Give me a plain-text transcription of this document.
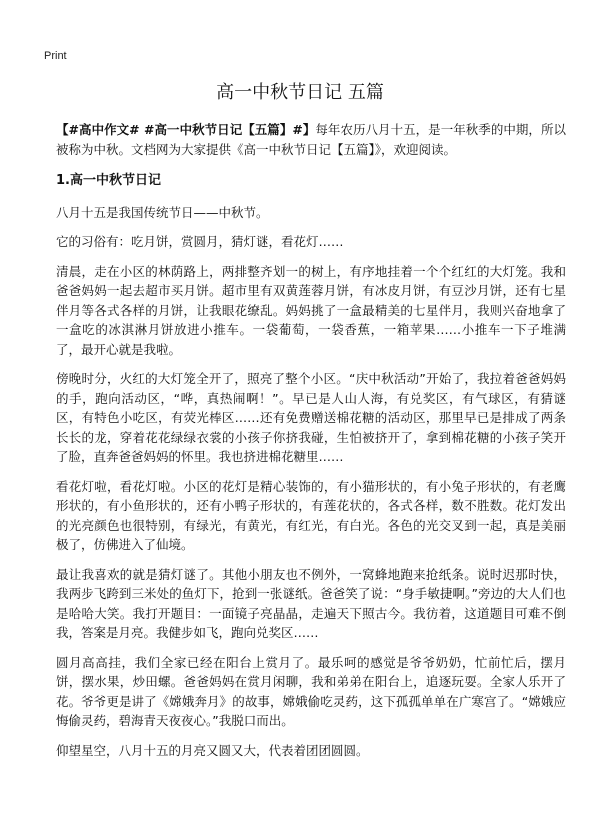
Print
高一中秋节日记 五篇

【#高中作文# #高一中秋节日记【五篇】#】每年农历八月十五，是一年秋季的中期，所以被称为中秋。文档网为大家提供《高一中秋节日记【五篇】》，欢迎阅读。

1.高一中秋节日记

八月十五是我国传统节日——中秋节。

它的习俗有：吃月饼，赏圆月，猜灯谜，看花灯……

清晨，走在小区的林荫路上，两排整齐划一的树上，有序地挂着一个个红红的大灯笼。我和爸爸妈妈一起去超市买月饼。超市里有双黄莲蓉月饼，有冰皮月饼，有豆沙月饼，还有七星伴月等各式各样的月饼，让我眼花缭乱。妈妈挑了一盒最精美的七星伴月，我则兴奋地拿了一盒吃的冰淇淋月饼放进小推车。一袋葡萄，一袋香蕉，一箱苹果……小推车一下子堆满了，最开心就是我啦。

傍晚时分，火红的大灯笼全开了，照亮了整个小区。“庆中秋活动”开始了，我拉着爸爸妈妈的手，跑向活动区，“哗，真热闹啊！”。早已是人山人海，有兑奖区，有气球区，有猜谜区，有特色小吃区，有荧光棒区……还有免费赠送棉花糖的活动区，那里早已是排成了两条长长的龙，穿着花花绿绿衣裳的小孩子你挤我碰，生怕被挤开了，拿到棉花糖的小孩子笑开了脸，直奔爸爸妈妈的怀里。我也挤进棉花糖里……

看花灯啦，看花灯啦。小区的花灯是精心装饰的，有小猫形状的，有小兔子形状的，有老鹰形状的，有小鱼形状的，还有小鸭子形状的，有莲花状的，各式各样，数不胜数。花灯发出的光亮颜色也很特别，有绿光，有黄光，有红光，有白光。各色的光交叉到一起，真是美丽极了，仿佛进入了仙境。

最让我喜欢的就是猜灯谜了。其他小朋友也不例外，一窝蜂地跑来抢纸条。说时迟那时快，我两步飞跨到三米处的鱼灯下，抢到一张谜纸。爸爸笑了说：“身手敏捷啊。”旁边的大人们也是哈哈大笑。我打开题目：一面镜子亮晶晶，走遍天下照古今。我彷着，这道题目可难不倒我，答案是月亮。我健步如飞，跑向兑奖区……

圆月高高挂，我们全家已经在阳台上赏月了。最乐呵的感觉是爷爷奶奶，忙前忙后，摆月饼，摆水果，炒田螺。爸爸妈妈在赏月闲聊，我和弟弟在阳台上，追逐玩耍。全家人乐开了花。爷爷更是讲了《嫦娥奔月》的故事，嫦娥偷吃灵药，这下孤孤单单在广寒宫了。“嫦娥应悔偷灵药，碧海青天夜夜心。”我脱口而出。

仰望星空，八月十五的月亮又圆又大，代表着团团圆圆。
